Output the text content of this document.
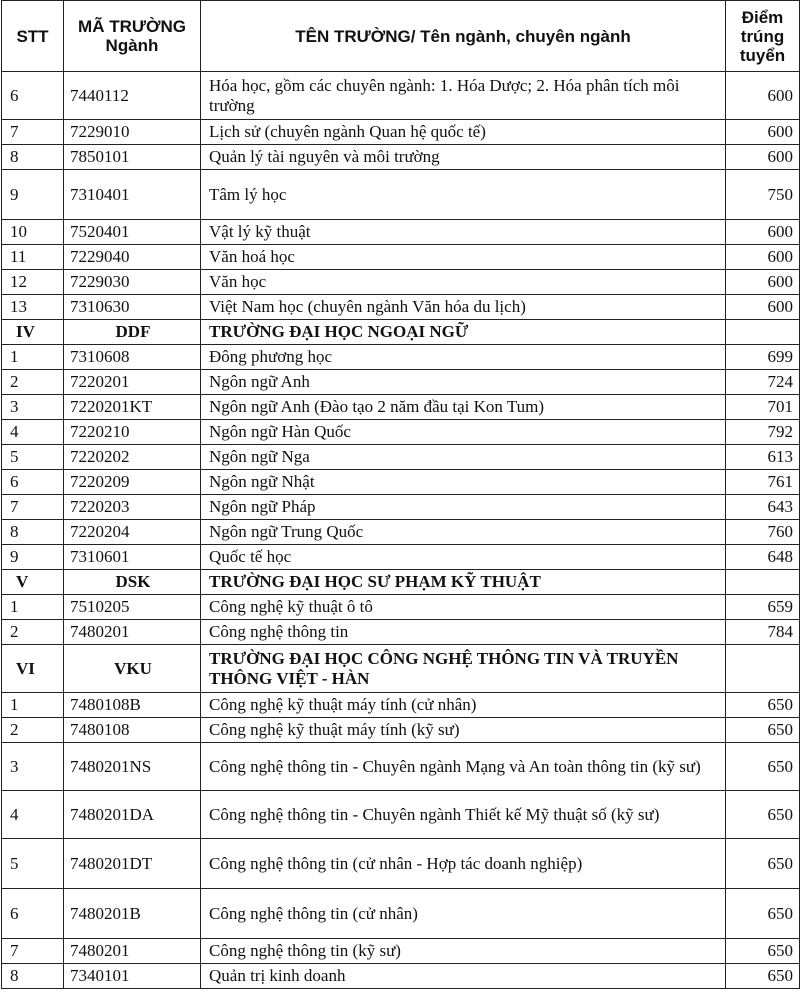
STT	MÃ TRƯỜNG Ngành	TÊN TRƯỜNG/ Tên ngành, chuyên ngành	Điểm trúng tuyển
6	7440112	Hóa học, gồm các chuyên ngành: 1. Hóa Dược; 2. Hóa phân tích môi trường	600
7	7229010	Lịch sử (chuyên ngành Quan hệ quốc tế)	600
8	7850101	Quản lý tài nguyên và môi trường	600
9	7310401	Tâm lý học	750
10	7520401	Vật lý kỹ thuật	600
11	7229040	Văn hoá học	600
12	7229030	Văn học	600
13	7310630	Việt Nam học (chuyên ngành Văn hóa du lịch)	600
IV	DDF	TRƯỜNG ĐẠI HỌC NGOẠI NGỮ	
1	7310608	Đông phương học	699
2	7220201	Ngôn ngữ Anh	724
3	7220201KT	Ngôn ngữ Anh (Đào tạo 2 năm đầu tại Kon Tum)	701
4	7220210	Ngôn ngữ Hàn Quốc	792
5	7220202	Ngôn ngữ Nga	613
6	7220209	Ngôn ngữ Nhật	761
7	7220203	Ngôn ngữ Pháp	643
8	7220204	Ngôn ngữ Trung Quốc	760
9	7310601	Quốc tế học	648
V	DSK	TRƯỜNG ĐẠI HỌC SƯ PHẠM KỸ THUẬT	
1	7510205	Công nghệ kỹ thuật ô tô	659
2	7480201	Công nghệ thông tin	784
VI	VKU	TRƯỜNG ĐẠI HỌC CÔNG NGHỆ THÔNG TIN VÀ TRUYỀN THÔNG VIỆT - HÀN	
1	7480108B	Công nghệ kỹ thuật máy tính (cử nhân)	650
2	7480108	Công nghệ kỹ thuật máy tính (kỹ sư)	650
3	7480201NS	Công nghệ thông tin - Chuyên ngành Mạng và An toàn thông tin (kỹ sư)	650
4	7480201DA	Công nghệ thông tin - Chuyên ngành Thiết kế Mỹ thuật số (kỹ sư)	650
5	7480201DT	Công nghệ thông tin (cử nhân - Hợp tác doanh nghiệp)	650
6	7480201B	Công nghệ thông tin (cử nhân)	650
7	7480201	Công nghệ thông tin (kỹ sư)	650
8	7340101	Quản trị kinh doanh	650
